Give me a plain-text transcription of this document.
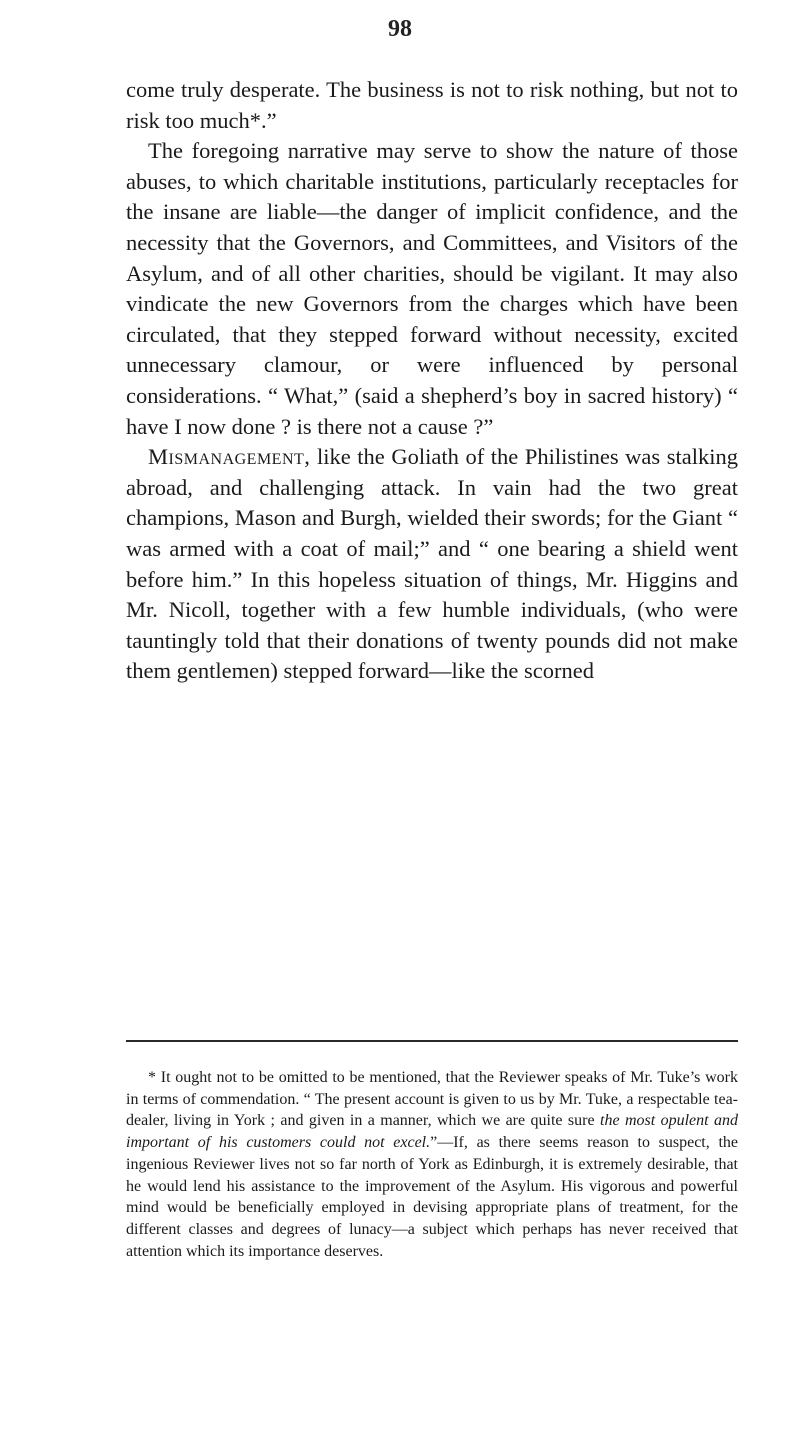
98

come truly desperate. The business is not to risk nothing, but not to risk too much*.”

The foregoing narrative may serve to show the nature of those abuses, to which charitable institutions, particularly receptacles for the insane are liable—the danger of implicit confidence, and the necessity that the Governors, and Committees, and Visitors of the Asylum, and of all other charities, should be vigilant. It may also vindicate the new Governors from the charges which have been circulated, that they stepped forward without necessity, excited unnecessary clamour, or were influenced by personal considerations. “ What,” (said a shepherd’s boy in sacred history) “ have I now done ? is there not a cause ?”

Mismanagement, like the Goliath of the Philistines was stalking abroad, and challenging attack. In vain had the two great champions, Mason and Burgh, wielded their swords; for the Giant “ was armed with a coat of mail;” and “ one bearing a shield went before him.” In this hopeless situation of things, Mr. Higgins and Mr. Nicoll, together with a few humble individuals, (who were tauntingly told that their donations of twenty pounds did not make them gentlemen) stepped forward—like the scorned

* It ought not to be omitted to be mentioned, that the Reviewer speaks of Mr. Tuke’s work in terms of commendation. “ The present account is given to us by Mr. Tuke, a respectable tea-dealer, living in York ; and given in a manner, which we are quite sure the most opulent and important of his customers could not excel.”—If, as there seems reason to suspect, the ingenious Reviewer lives not so far north of York as Edinburgh, it is extremely desirable, that he would lend his assistance to the improvement of the Asylum. His vigorous and powerful mind would be beneficially employed in devising appropriate plans of treatment, for the different classes and degrees of lunacy—a subject which perhaps has never received that attention which its importance deserves.
